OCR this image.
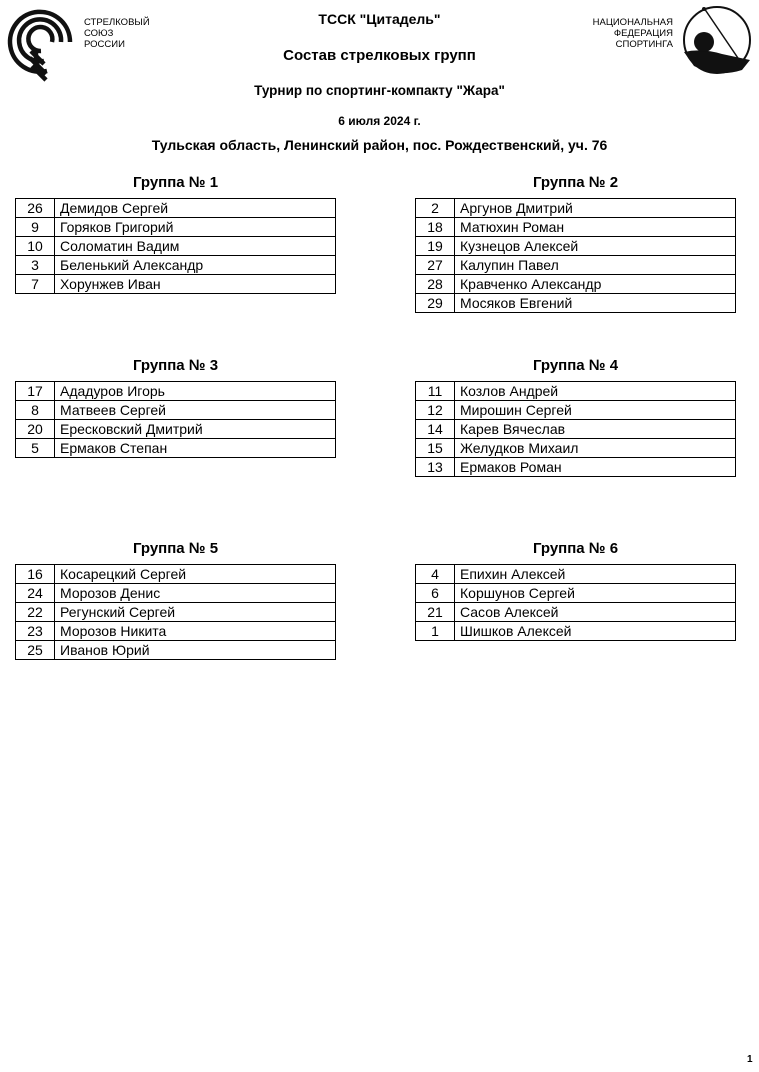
СТРЕЛКОВЫЙ
СОЮЗ
РОССИИ
НАЦИОНАЛЬНАЯ
ФЕДЕРАЦИЯ
СПОРТИНГА
ТССК "Цитадель"
Состав стрелковых групп
Турнир по спортинг-компакту "Жара"
6 июля 2024 г.
Тульская область, Ленинский район, пос. Рождественский, уч. 76
Группа № 1
26	Демидов Сергей
9	Горяков Григорий
10	Соломатин Вадим
3	Беленький Александр
7	Хорунжев Иван
Группа № 2
2	Аргунов Дмитрий
18	Матюхин Роман
19	Кузнецов Алексей
27	Калупин Павел
28	Кравченко Александр
29	Мосяков Евгений
Группа № 3
17	Ададуров Игорь
8	Матвеев Сергей
20	Ересковский Дмитрий
5	Ермаков Степан
Группа № 4
11	Козлов Андрей
12	Мирошин Сергей
14	Карев Вячеслав
15	Желудков Михаил
13	Ермаков Роман
Группа № 5
16	Косарецкий Сергей
24	Морозов Денис
22	Регунский Сергей
23	Морозов Никита
25	Иванов Юрий
Группа № 6
4	Епихин Алексей
6	Коршунов Сергей
21	Сасов Алексей
1	Шишков Алексей
1
